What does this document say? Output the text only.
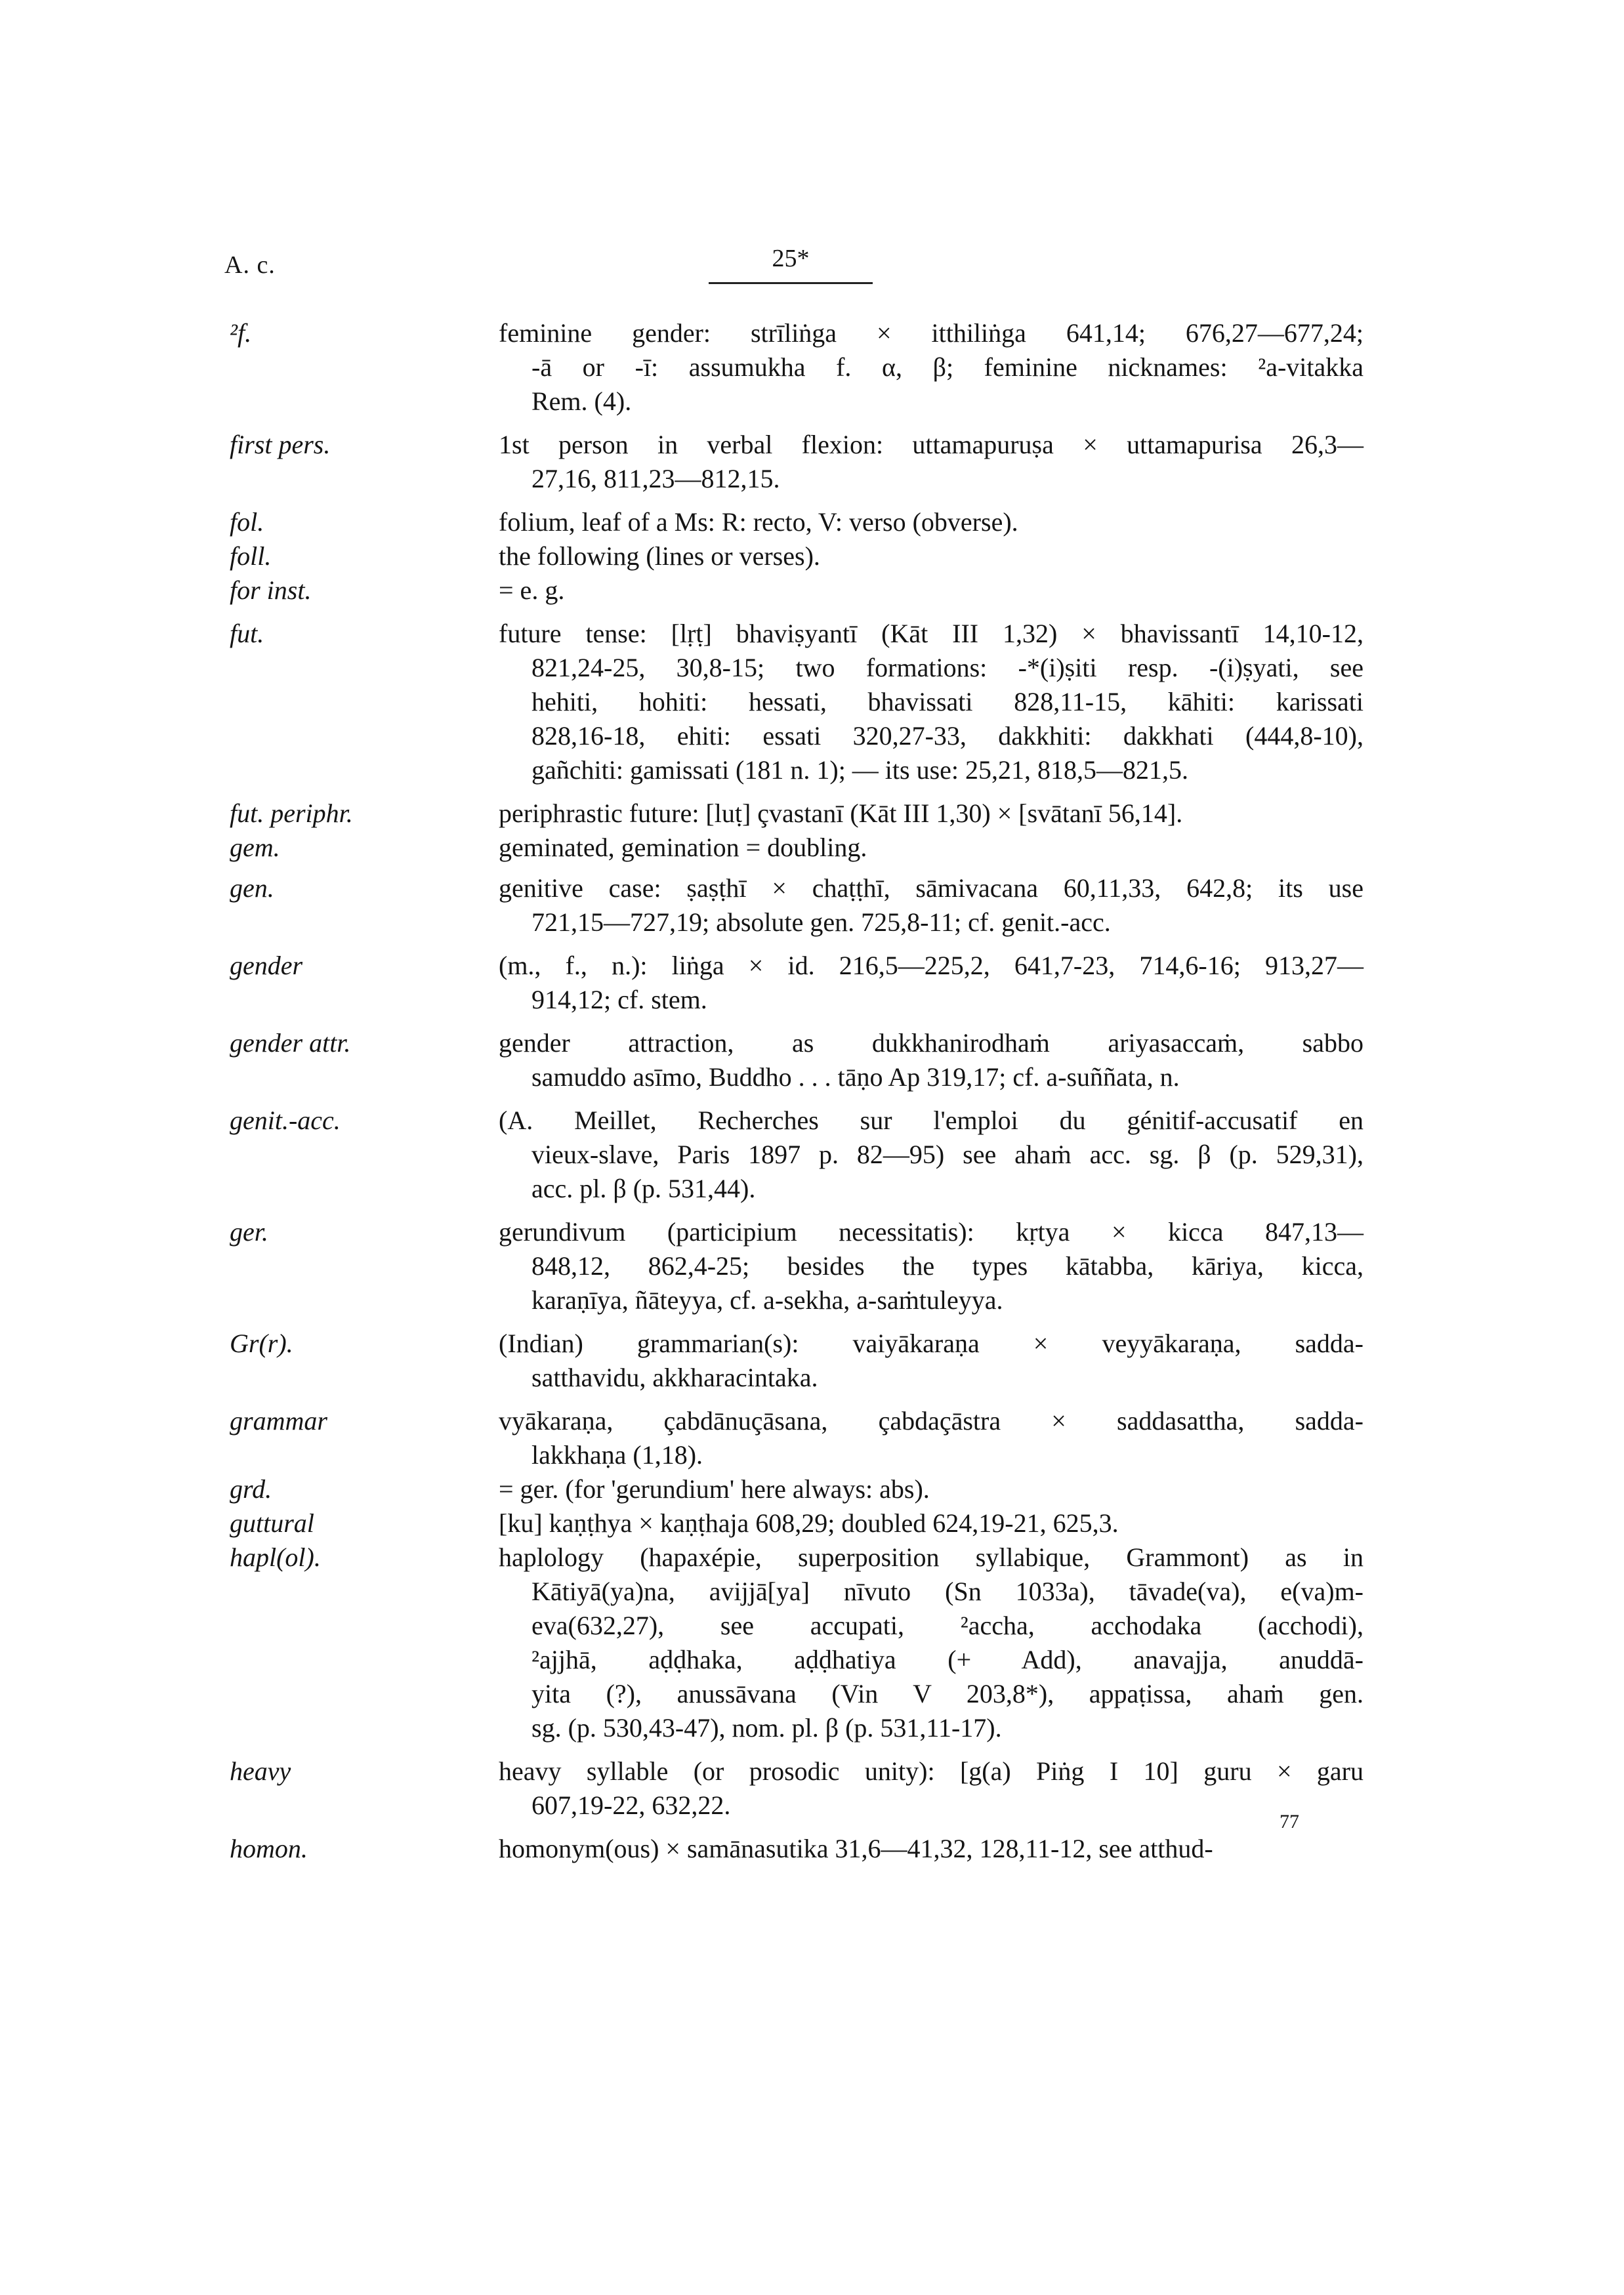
A. c.	25*
²f.	feminine gender: strīliṅga × itthiliṅga 641,14; 676,27—677,24;
-ā or -ī: assumukha f. α, β; feminine nicknames: ²a-vitakka
Rem. (4).
first pers.	1st person in verbal flexion: uttamapuruṣa × uttamapurisa 26,3—
27,16, 811,23—812,15.
fol.	folium, leaf of a Ms: R: recto, V: verso (obverse).
foll.	the following (lines or verses).
for inst.	= e. g.
fut.	future tense: [lṛṭ] bhaviṣyantī (Kāt III 1,32) × bhavissantī 14,10-12,
821,24-25, 30,8-15; two formations: -*(i)ṣiti resp. -(i)ṣyati, see
hehiti, hohiti: hessati, bhavissati 828,11-15, kāhiti: karissati
828,16-18, ehiti: essati 320,27-33, dakkhiti: dakkhati (444,8-10),
gañchiti: gamissati (181 n. 1); — its use: 25,21, 818,5—821,5.
fut. periphr.	periphrastic future: [luṭ] çvastanī (Kāt III 1,30) × [svātanī 56,14].
gem.	geminated, gemination = doubling.
gen.	genitive case: ṣaṣṭhī × chaṭṭhī, sāmivacana 60,11,33, 642,8; its use
721,15—727,19; absolute gen. 725,8-11; cf. genit.-acc.
gender	(m., f., n.): liṅga × id. 216,5—225,2, 641,7-23, 714,6-16; 913,27—
914,12; cf. stem.
gender attr.	gender attraction, as dukkhanirodhaṁ ariyasaccaṁ, sabbo
samuddo asīmo, Buddho . . . tāṇo Ap 319,17; cf. a-suññata, n.
genit.-acc.	(A. Meillet, Recherches sur l'emploi du génitif-accusatif en
vieux-slave, Paris 1897 p. 82—95) see ahaṁ acc. sg. β (p. 529,31),
acc. pl. β (p. 531,44).
ger.	gerundivum (participium necessitatis): kṛtya × kicca 847,13—
848,12, 862,4-25; besides the types kātabba, kāriya, kicca,
karaṇīya, ñāteyya, cf. a-sekha, a-saṁtuleyya.
Gr(r).	(Indian) grammarian(s): vaiyākaraṇa × veyyākaraṇa, sadda-
satthavidu, akkharacintaka.
grammar	vyākaraṇa, çabdānuçāsana, çabdaçāstra × saddasattha, sadda-
lakkhaṇa (1,18).
grd.	= ger. (for 'gerundium' here always: abs).
guttural	[ku] kaṇṭhya × kaṇṭhaja 608,29; doubled 624,19-21, 625,3.
hapl(ol).	haplology (hapaxépie, superposition syllabique, Grammont) as in
Kātiyā(ya)na, avijjā[ya] nīvuto (Sn 1033a), tāvade(va), e(va)m-
eva(632,27), see accupati, ²accha, acchodaka (acchodi),
²ajjhā, aḍḍhaka, aḍḍhatiya (+ Add), anavajja, anuddā-
yita (?), anussāvana (Vin V 203,8*), appaṭissa, ahaṁ gen.
sg. (p. 530,43-47), nom. pl. β (p. 531,11-17).
heavy	heavy syllable (or prosodic unity): [g(a) Piṅg I 10] guru × garu
607,19-22, 632,22.
homon.	homonym(ous) × samānasutika 31,6—41,32, 128,11-12, see atthud-
77
